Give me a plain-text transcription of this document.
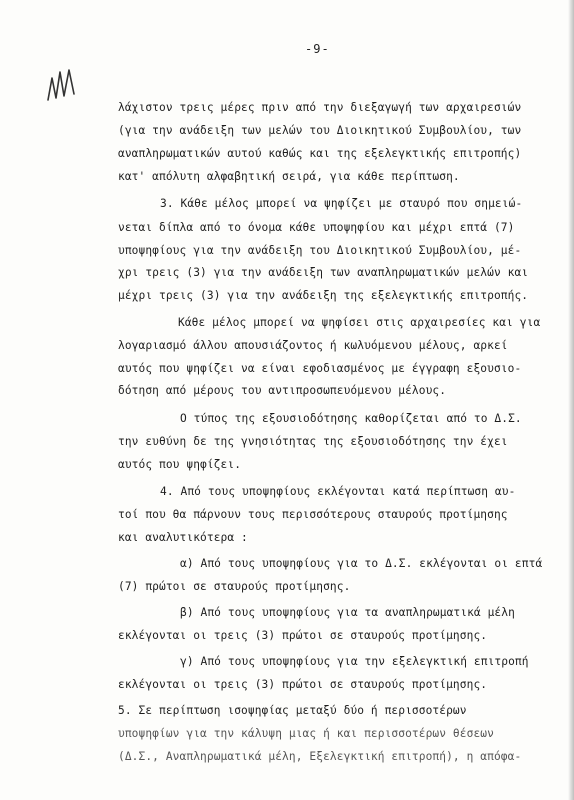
-9-
λάχιστον τρεις μέρες πριν από την διεξαγωγή των αρχαιρεσιών
(για την ανάδειξη των μελών του Διοικητικού Συμβουλίου, των
αναπληρωματικών αυτού καθώς και της εξελεγκτικής επιτροπής)
κατ' απόλυτη αλφαβητική σειρά, για κάθε περίπτωση.
3. Κάθε μέλος μπορεί να ψηφίζει με σταυρό που σημειώ-
νεται δίπλα από το όνομα κάθε υποψηφίου και μέχρι επτά (7)
υποψηφίους για την ανάδειξη του Διοικητικού Συμβουλίου, μέ-
χρι τρεις (3) για την ανάδειξη των αναπληρωματικών μελών και
μέχρι τρεις (3) για την ανάδειξη της εξελεγκτικής επιτροπής.
Κάθε μέλος μπορεί να ψηφίσει στις αρχαιρεσίες και για
λογαριασμό άλλου απουσιάζοντος ή κωλυόμενου μέλους, αρκεί
αυτός που ψηφίζει να είναι εφοδιασμένος με έγγραφη εξουσιο-
δότηση από μέρους του αντιπροσωπευόμενου μέλους.
Ο τύπος της εξουσιοδότησης καθορίζεται από το Δ.Σ.
την ευθύνη δε της γνησιότητας της εξουσιοδότησης την έχει
αυτός που ψηφίζει.
4. Από τους υποψηφίους εκλέγονται κατά περίπτωση αυ-
τοί που θα πάρνουν τους περισσότερους σταυρούς προτίμησης
και αναλυτικότερα :
α) Από τους υποψηφίους για το Δ.Σ. εκλέγονται οι επτά
(7) πρώτοι σε σταυρούς προτίμησης.
β) Από τους υποψηφίους για τα αναπληρωματικά μέλη
εκλέγονται οι τρεις (3) πρώτοι σε σταυρούς προτίμησης.
γ) Από τους υποψηφίους για την εξελεγκτική επιτροπή
εκλέγονται οι τρεις (3) πρώτοι σε σταυρούς προτίμησης.
5. Σε περίπτωση ισοψηφίας μεταξύ δύο ή περισσοτέρων
υποψηφίων για την κάλυψη μιας ή και περισσοτέρων θέσεων
(Δ.Σ., Αναπληρωματικά μέλη, Εξελεγκτική επιτροπή), η απόφα-
